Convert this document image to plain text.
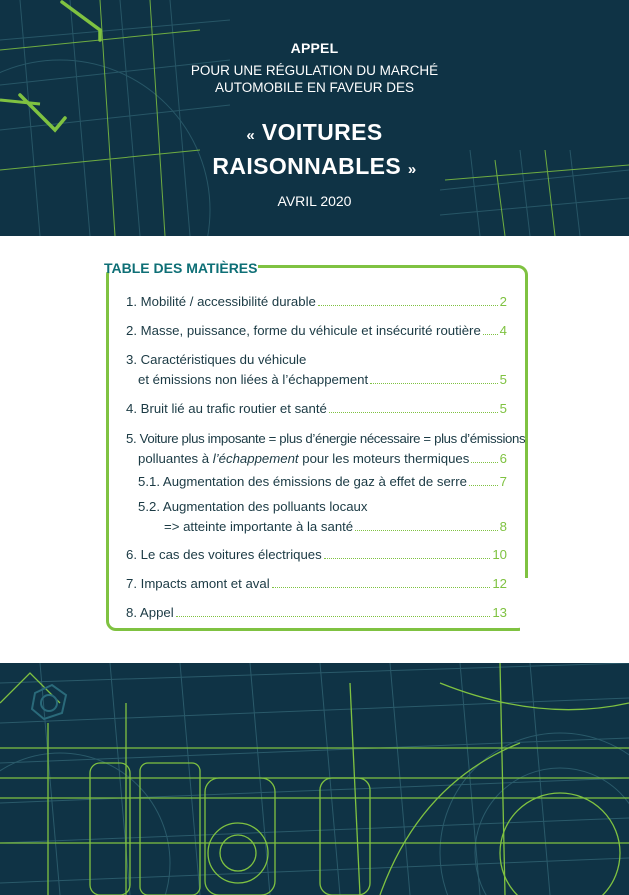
APPEL
POUR UNE RÉGULATION DU MARCHÉ
AUTOMOBILE EN FAVEUR DES
« VOITURES
RAISONNABLES »
AVRIL 2020
TABLE DES MATIÈRES
1. Mobilité / accessibilité durable	2
2. Masse, puissance, forme du véhicule et insécurité routière 4
3. Caractéristiques du véhicule
et émissions non liées à l’échappement	5
4. Bruit lié au trafic routier et santé	5
5. Voiture plus imposante = plus d’énergie nécessaire = plus d’émissions
polluantes à l’échappement pour les moteurs thermiques 6
5.1. Augmentation des émissions de gaz à effet de serre 7
5.2. Augmentation des polluants locaux
=> atteinte importante à la santé	8
6. Le cas des voitures électriques	10
7. Impacts amont et aval	12
8. Appel	13
